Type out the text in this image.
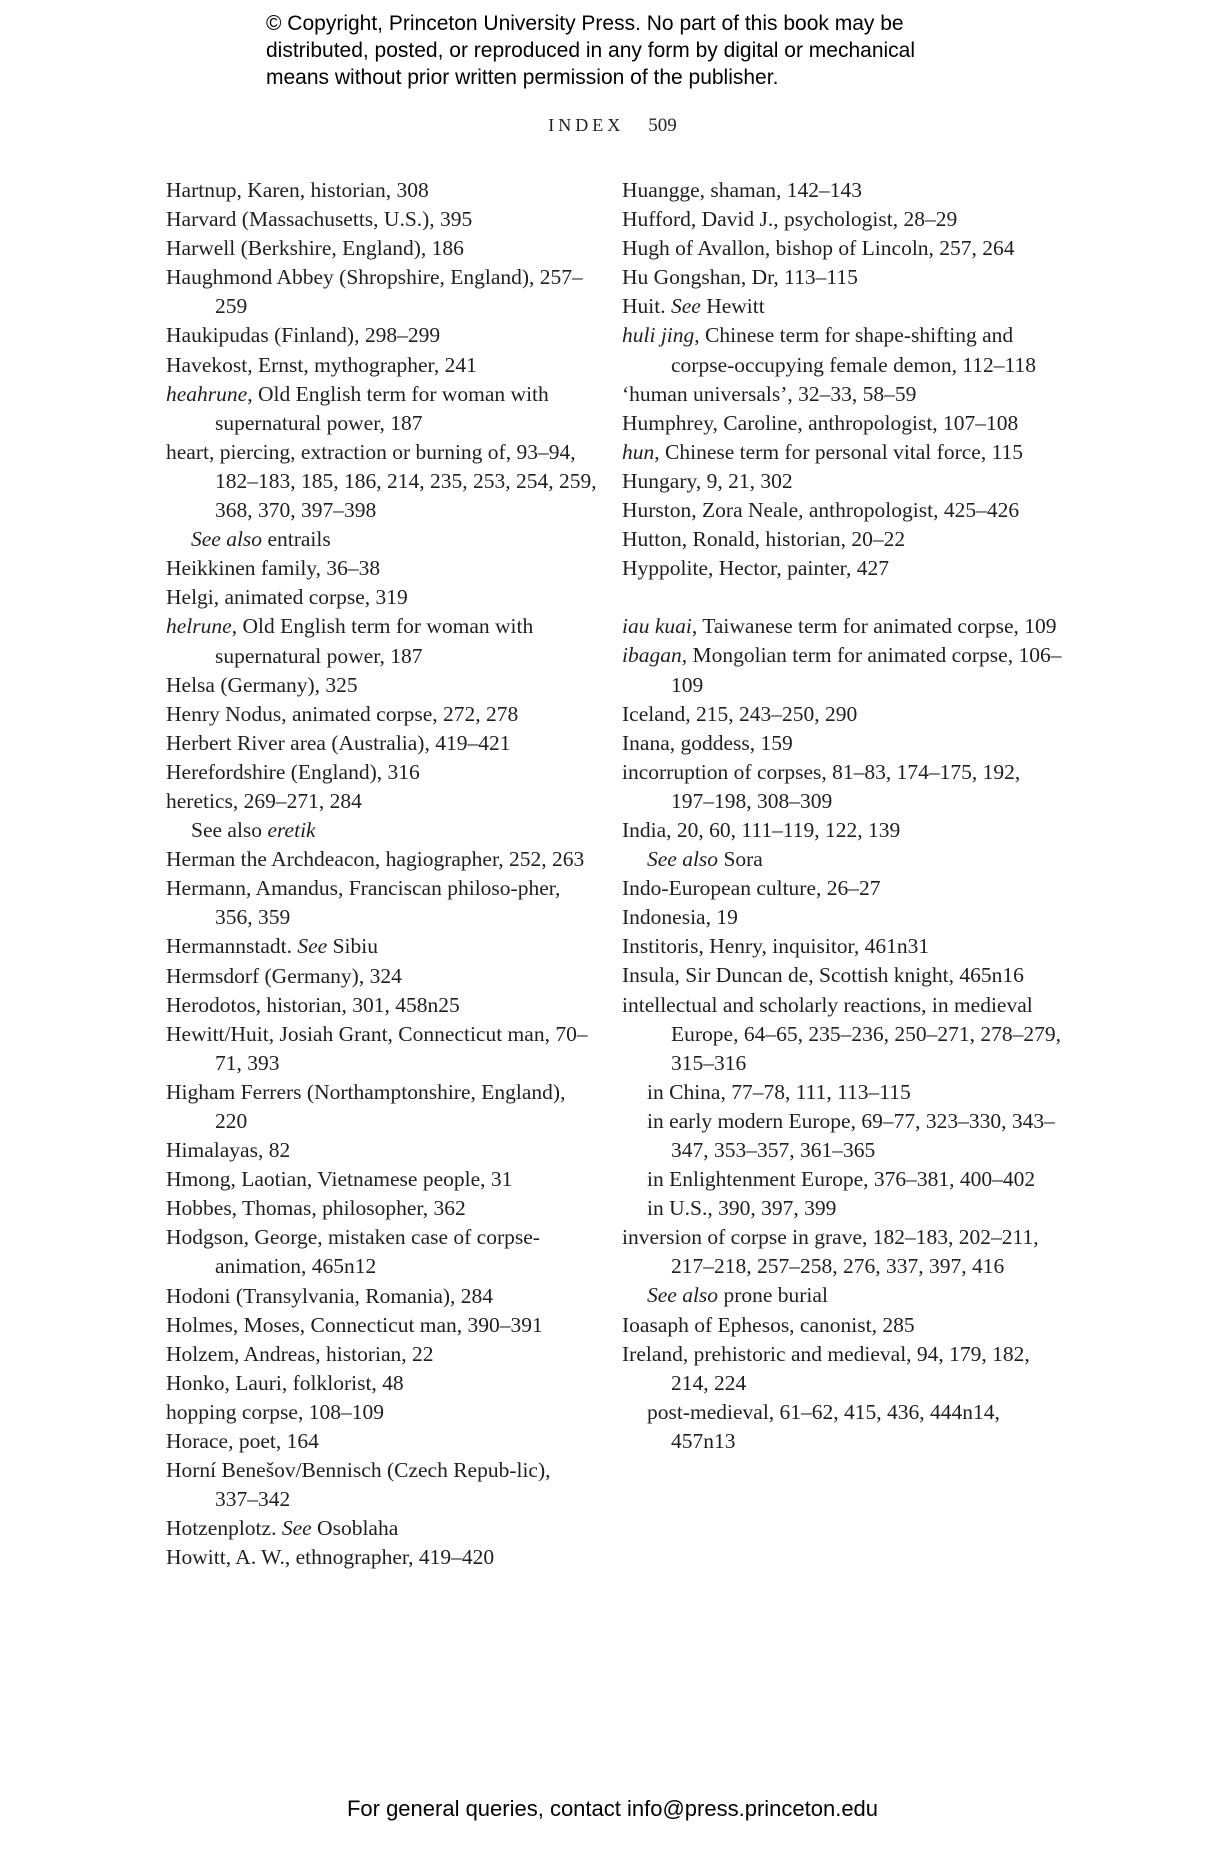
© Copyright, Princeton University Press. No part of this book may be
distributed, posted, or reproduced in any form by digital or mechanical
means without prior written permission of the publisher.
INDEX 509

Hartnup, Karen, historian, 308

Harvard (Massachusetts, U.S.), 395

Harwell (Berkshire, England), 186

Haughmond Abbey (Shropshire, England), 257–259

Haukipudas (Finland), 298–299

Havekost, Ernst, mythographer, 241

heahrune, Old English term for woman with supernatural power, 187

heart, piercing, extraction or burning of, 93–94, 182–183, 185, 186, 214, 235, 253, 254, 259, 368, 370, 397–398

See also entrails

Heikkinen family, 36–38

Helgi, animated corpse, 319

helrune, Old English term for woman with supernatural power, 187

Helsa (Germany), 325

Henry Nodus, animated corpse, 272, 278

Herbert River area (Australia), 419–421

Herefordshire (England), 316

heretics, 269–271, 284

See also eretik

Herman the Archdeacon, hagiographer, 252, 263

Hermann, Amandus, Franciscan philoso-pher, 356, 359

Hermannstadt. See Sibiu

Hermsdorf (Germany), 324

Herodotos, historian, 301, 458n25

Hewitt/Huit, Josiah Grant, Connecticut man, 70–71, 393

Higham Ferrers (Northamptonshire, England), 220

Himalayas, 82

Hmong, Laotian, Vietnamese people, 31

Hobbes, Thomas, philosopher, 362

Hodgson, George, mistaken case of corpse-animation, 465n12

Hodoni (Transylvania, Romania), 284

Holmes, Moses, Connecticut man, 390–391

Holzem, Andreas, historian, 22

Honko, Lauri, folklorist, 48

hopping corpse, 108–109

Horace, poet, 164

Horní Benešov/Bennisch (Czech Repub-lic), 337–342

Hotzenplotz. See Osoblaha

Howitt, A. W., ethnographer, 419–420

Huangge, shaman, 142–143

Hufford, David J., psychologist, 28–29

Hugh of Avallon, bishop of Lincoln, 257, 264

Hu Gongshan, Dr, 113–115

Huit. See Hewitt

huli jing, Chinese term for shape-shifting and corpse-occupying female demon, 112–118

‘human universals’, 32–33, 58–59

Humphrey, Caroline, anthropologist, 107–108

hun, Chinese term for personal vital force, 115

Hungary, 9, 21, 302

Hurston, Zora Neale, anthropologist, 425–426

Hutton, Ronald, historian, 20–22

Hyppolite, Hector, painter, 427

iau kuai, Taiwanese term for animated corpse, 109

ibagan, Mongolian term for animated corpse, 106–109

Iceland, 215, 243–250, 290

Inana, goddess, 159

incorruption of corpses, 81–83, 174–175, 192, 197–198, 308–309

India, 20, 60, 111–119, 122, 139

See also Sora

Indo-European culture, 26–27

Indonesia, 19

Institoris, Henry, inquisitor, 461n31

Insula, Sir Duncan de, Scottish knight, 465n16

intellectual and scholarly reactions, in medieval Europe, 64–65, 235–236, 250–271, 278–279, 315–316

in China, 77–78, 111, 113–115

in early modern Europe, 69–77, 323–330, 343–347, 353–357, 361–365

in Enlightenment Europe, 376–381, 400–402

in U.S., 390, 397, 399

inversion of corpse in grave, 182–183, 202–211, 217–218, 257–258, 276, 337, 397, 416

See also prone burial

Ioasaph of Ephesos, canonist, 285

Ireland, prehistoric and medieval, 94, 179, 182, 214, 224

post-medieval, 61–62, 415, 436, 444n14, 457n13

For general queries, contact info@press.princeton.edu
